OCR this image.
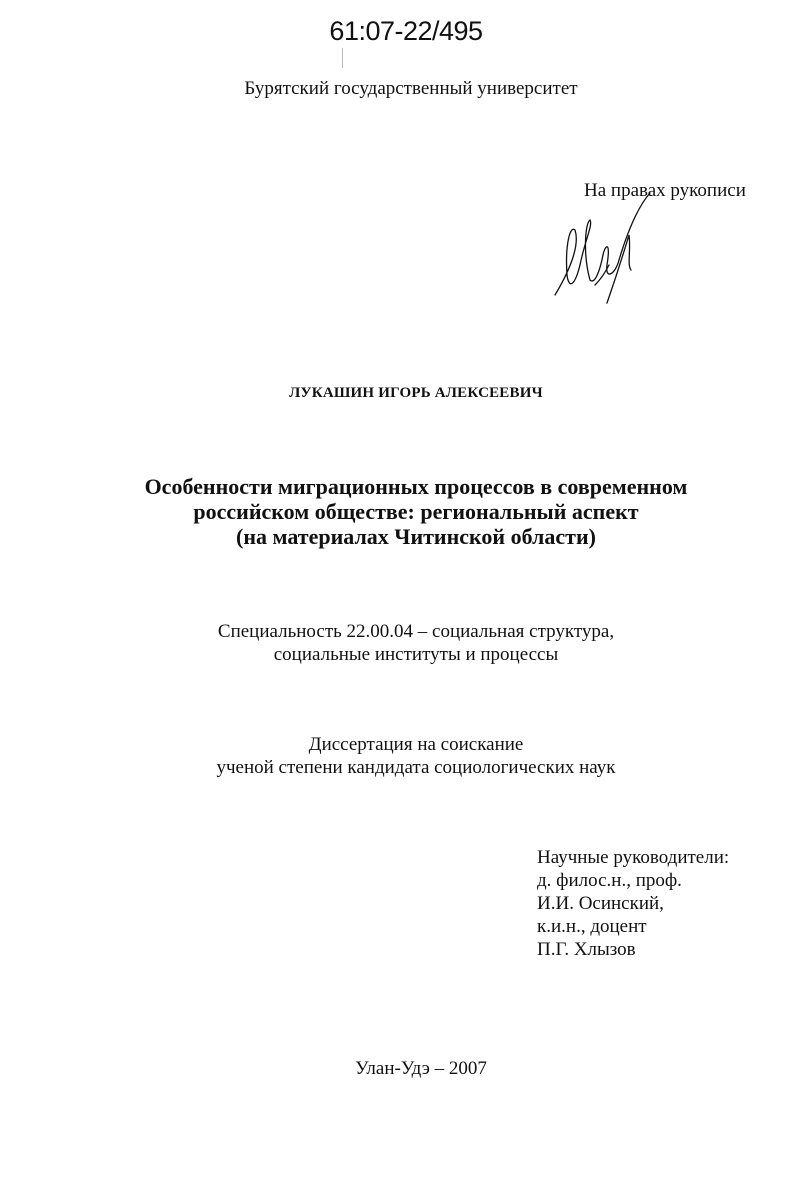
61:07-22/495
Бурятский государственный университет
На правах рукописи
ЛУКАШИН ИГОРЬ АЛЕКСЕЕВИЧ
Особенности миграционных процессов в современном
российском обществе: региональный аспект
(на материалах Читинской области)
Специальность 22.00.04 – социальная структура,
социальные институты и процессы
Диссертация на соискание
ученой степени кандидата социологических наук
Научные руководители:
д. филос.н., проф.
И.И. Осинский,
к.и.н., доцент
П.Г. Хлызов
Улан-Удэ – 2007
